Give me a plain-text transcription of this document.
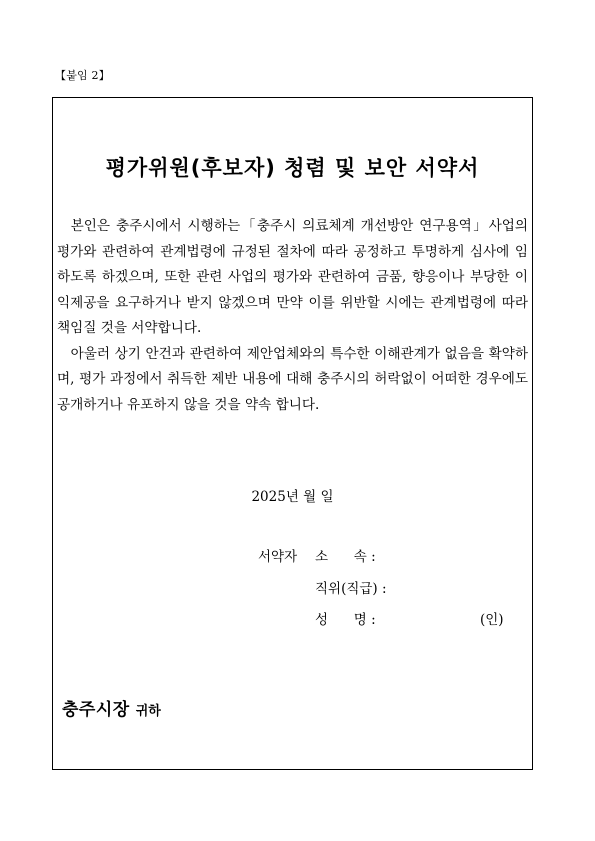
【붙임 2】
평가위원(후보자) 청렴 및 보안 서약서

본인은 충주시에서 시행하는「충주시 의료체계 개선방안 연구용역」사업의 평가와 관련하여 관계법령에 규정된 절차에 따라 공정하고 투명하게 심사에 임하도록 하겠으며, 또한 관련 사업의 평가와 관련하여 금품, 향응이나 부당한 이익제공을 요구하거나 받지 않겠으며 만약 이를 위반할 시에는 관계법령에 따라 책임질 것을 서약합니다.

아울러 상기 안건과 관련하여 제안업체와의 특수한 이해관계가 없음을 확약하며, 평가 과정에서 취득한 제반 내용에 대해 충주시의 허락없이 어떠한 경우에도 공개하거나 유포하지 않을 것을 약속 합니다.

2025년 월 일
서약자 소      속 :
직위(직급) :
성      명 :	(인)
충주시장 귀하
